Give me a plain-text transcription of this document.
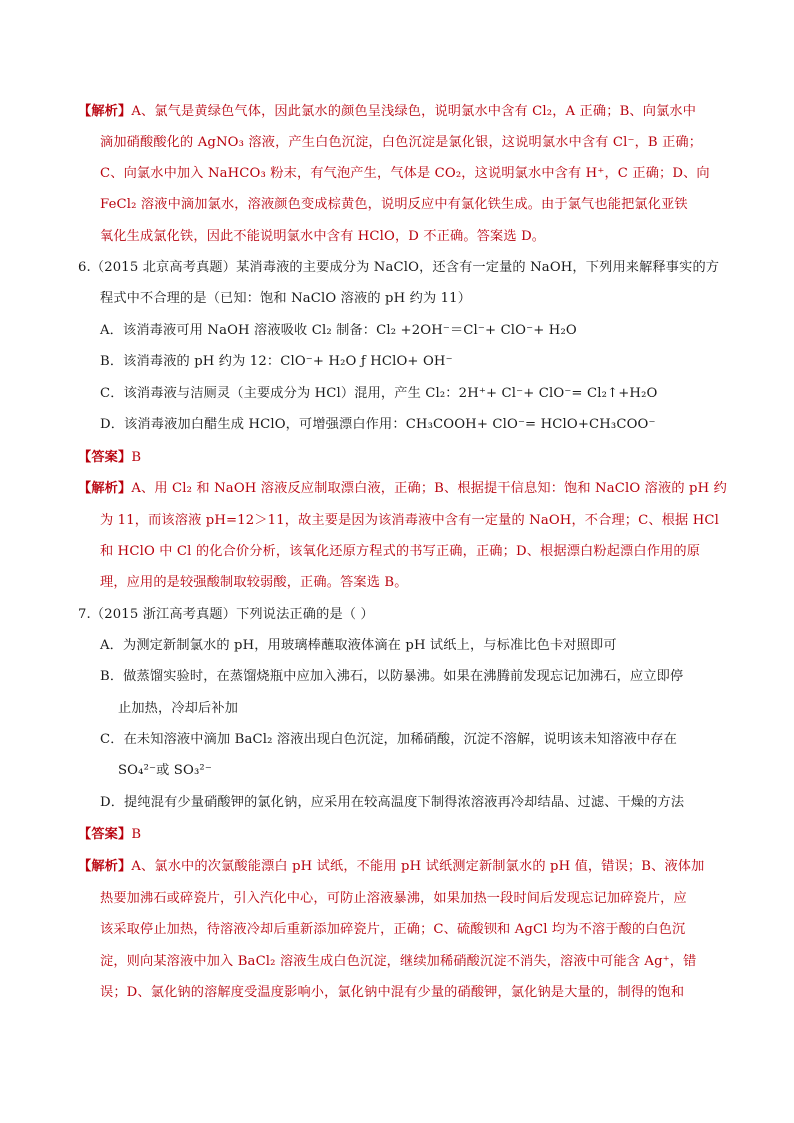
【解析】A、氯气是黄绿色气体，因此氯水的颜色呈浅绿色，说明氯水中含有 Cl₂，A 正确；B、向氯水中
滴加硝酸酸化的 AgNO₃ 溶液，产生白色沉淀，白色沉淀是氯化银，这说明氯水中含有 Cl⁻，B 正确；
C、向氯水中加入 NaHCO₃ 粉末，有气泡产生，气体是 CO₂，这说明氯水中含有 H⁺，C 正确；D、向
FeCl₂ 溶液中滴加氯水，溶液颜色变成棕黄色，说明反应中有氯化铁生成。由于氯气也能把氯化亚铁
氧化生成氯化铁，因此不能说明氯水中含有 HClO，D 不正确。答案选 D。
6.（2015 北京高考真题）某消毒液的主要成分为 NaClO，还含有一定量的 NaOH，下列用来解释事实的方
程式中不合理的是（已知：饱和 NaClO 溶液的 pH 约为 11）
A．该消毒液可用 NaOH 溶液吸收 Cl₂ 制备：Cl₂ +2OH⁻＝Cl⁻+ ClO⁻+ H₂O
B．该消毒液的 pH 约为 12：ClO⁻+ H₂O ƒ HClO+ OH⁻
C．该消毒液与洁厕灵（主要成分为 HCl）混用，产生 Cl₂：2H⁺+ Cl⁻+ ClO⁻= Cl₂↑+H₂O
D．该消毒液加白醋生成 HClO，可增强漂白作用：CH₃COOH+ ClO⁻= HClO+CH₃COO⁻
【答案】B
【解析】A、用 Cl₂ 和 NaOH 溶液反应制取漂白液，正确；B、根据提干信息知：饱和 NaClO 溶液的 pH 约
为 11，而该溶液 pH=12＞11，故主要是因为该消毒液中含有一定量的 NaOH，不合理；C、根据 HCl
和 HClO 中 Cl 的化合价分析，该氧化还原方程式的书写正确，正确；D、根据漂白粉起漂白作用的原
理，应用的是较强酸制取较弱酸，正确。答案选 B。
7.（2015 浙江高考真题）下列说法正确的是（ ）
A．为测定新制氯水的 pH，用玻璃棒蘸取液体滴在 pH 试纸上，与标准比色卡对照即可
B．做蒸馏实验时，在蒸馏烧瓶中应加入沸石，以防暴沸。如果在沸腾前发现忘记加沸石，应立即停
止加热，冷却后补加
C．在未知溶液中滴加 BaCl₂ 溶液出现白色沉淀，加稀硝酸，沉淀不溶解，说明该未知溶液中存在
SO₄²⁻或 SO₃²⁻
D．提纯混有少量硝酸钾的氯化钠，应采用在较高温度下制得浓溶液再冷却结晶、过滤、干燥的方法
【答案】B
【解析】A、氯水中的次氯酸能漂白 pH 试纸，不能用 pH 试纸测定新制氯水的 pH 值，错误；B、液体加
热要加沸石或碎瓷片，引入汽化中心，可防止溶液暴沸，如果加热一段时间后发现忘记加碎瓷片，应
该采取停止加热，待溶液冷却后重新添加碎瓷片，正确；C、硫酸钡和 AgCl 均为不溶于酸的白色沉
淀，则向某溶液中加入 BaCl₂ 溶液生成白色沉淀，继续加稀硝酸沉淀不消失，溶液中可能含 Ag⁺，错
误；D、氯化钠的溶解度受温度影响小，氯化钠中混有少量的硝酸钾，氯化钠是大量的，制得的饱和
